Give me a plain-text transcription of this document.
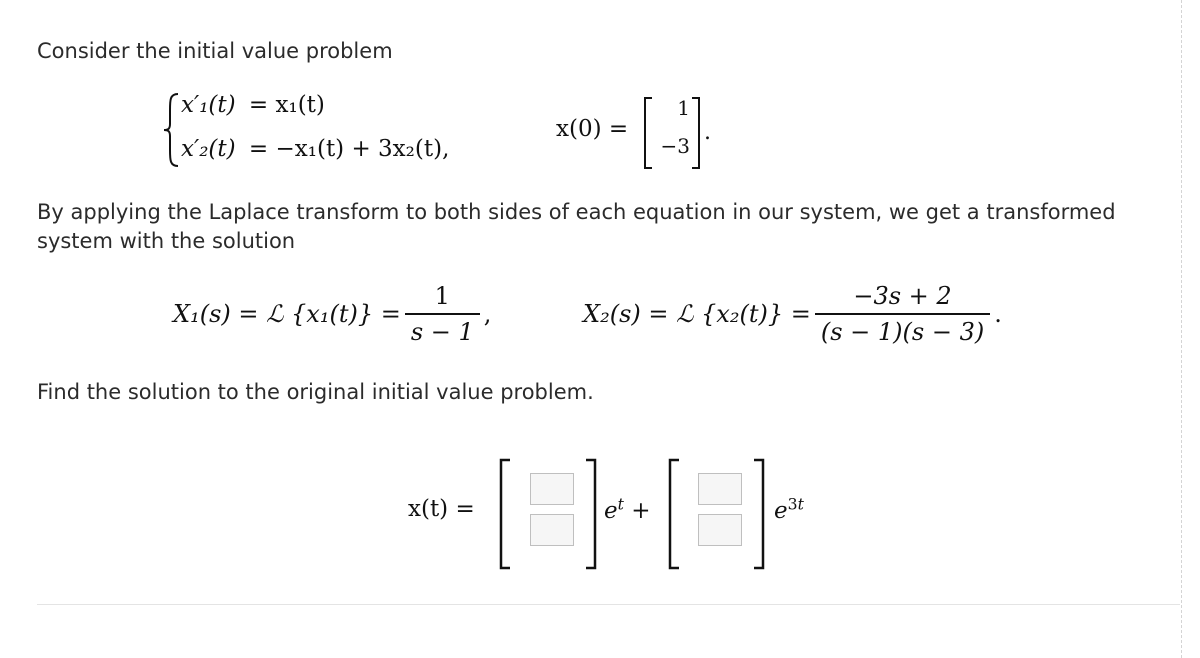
Consider the initial value problem
x′₁(t) = x₁(t)
x′₂(t) = −x₁(t) + 3x₂(t),
x(0) =
1
−3
.
By applying the Laplace transform to both sides of each equation in our system, we get a transformed system with the solution
X₁(s) = ℒ $\{x_1(t)\} = \frac{1}{s - 1}$ ,	X₂(s) = ℒ $\{x_2(t)\} = \frac{-3s + 2}{(s - 1)(s - 3)}$ .
Find the solution to the original initial value problem.
x(t) =	$e^t$ +	$e^{3t}$
